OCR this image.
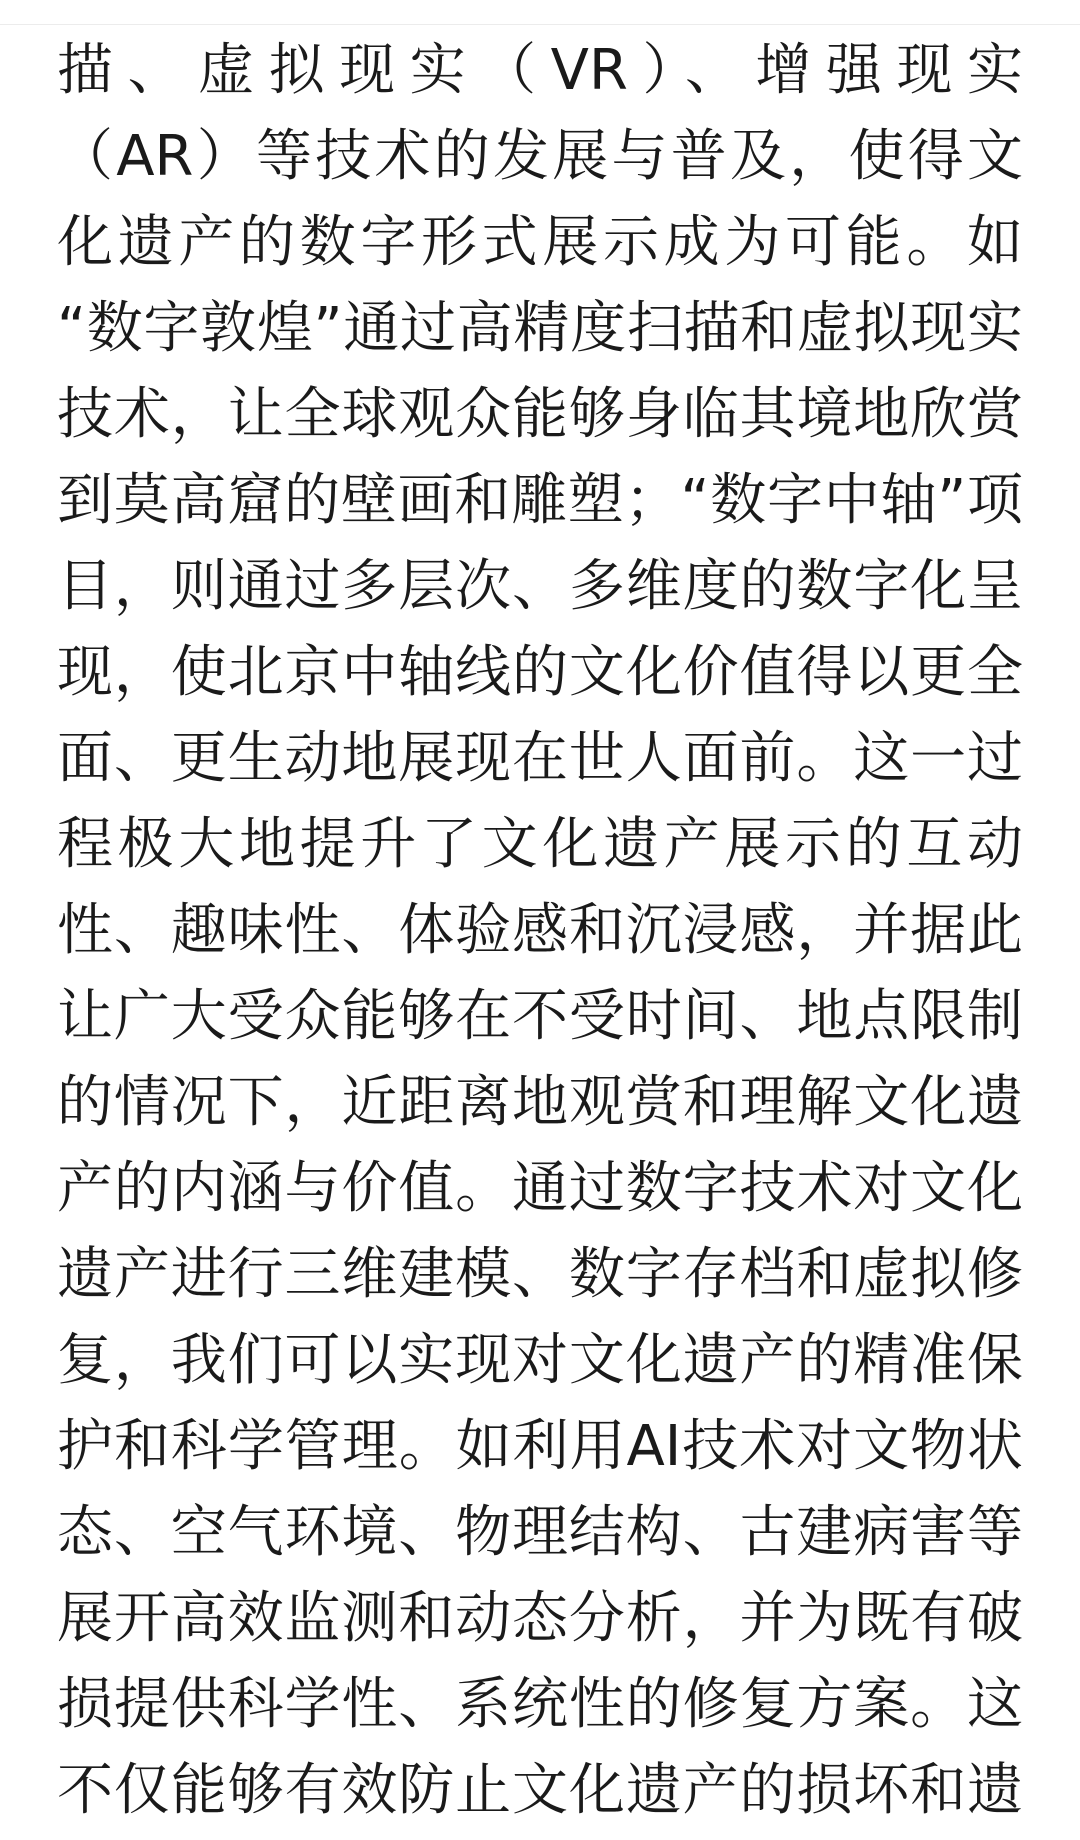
描、虚拟现实（VR）、增强现实
（AR）等技术的发展与普及，使得文
化遗产的数字形式展示成为可能。如
“数字敦煌”通过高精度扫描和虚拟现实
技术，让全球观众能够身临其境地欣赏
到莫高窟的壁画和雕塑；“数字中轴”项
目，则通过多层次、多维度的数字化呈
现，使北京中轴线的文化价值得以更全
面、更生动地展现在世人面前。这一过
程极大地提升了文化遗产展示的互动
性、趣味性、体验感和沉浸感，并据此
让广大受众能够在不受时间、地点限制
的情况下，近距离地观赏和理解文化遗
产的内涵与价值。通过数字技术对文化
遗产进行三维建模、数字存档和虚拟修
复，我们可以实现对文化遗产的精准保
护和科学管理。如利用AI技术对文物状
态、空气环境、物理结构、古建病害等
展开高效监测和动态分析，并为既有破
损提供科学性、系统性的修复方案。这
不仅能够有效防止文化遗产的损坏和遗
